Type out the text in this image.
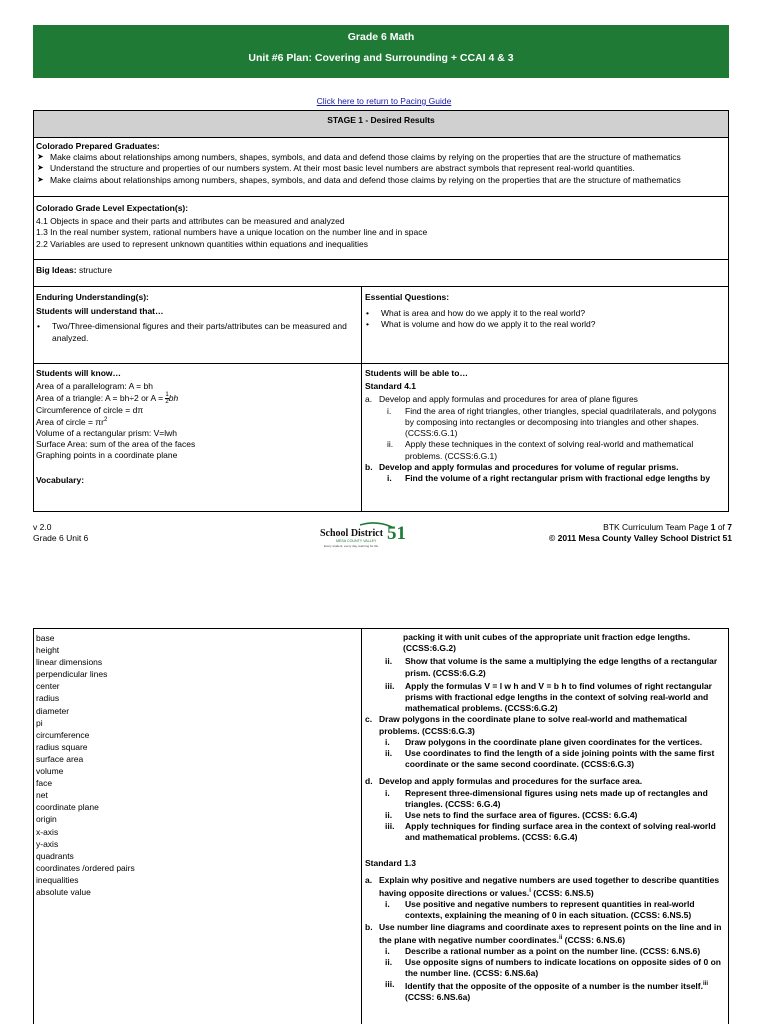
Grade 6 Math
Unit #6 Plan: Covering and Surrounding + CCAI 4 & 3
Click here to return to Pacing Guide
STAGE 1 - Desired Results
Colorado Prepared Graduates:
➤ Make claims about relationships among numbers, shapes, symbols, and data and defend those claims by relying on the properties that are the structure of mathematics
➤ Understand the structure and properties of our numbers system. At their most basic level numbers are abstract symbols that represent real-world quantities.
➤ Make claims about relationships among numbers, shapes, symbols, and data and defend those claims by relying on the properties that are the structure of mathematics
Colorado Grade Level Expectation(s):
4.1 Objects in space and their parts and attributes can be measured and analyzed
1.3 In the real number system, rational numbers have a unique location on the number line and in space
2.2 Variables are used to represent unknown quantities within equations and inequalities
Big Ideas: structure
Enduring Understanding(s):
Students will understand that…
• Two/Three-dimensional figures and their parts/attributes can be measured and analyzed.
Essential Questions:
• What is area and how do we apply it to the real world?
• What is volume and how do we apply it to the real world?
Students will know…
Area of a parallelogram: A = bh
Area of a triangle: A = bh÷2 or $A = \frac{1}{2}$ bh
Circumference of circle = dπ
Area of circle = $\pi r^2$
Volume of a rectangular prism: V=lwh
Surface Area: sum of the area of the faces
Graphing points in a coordinate plane
Vocabulary:
Students will be able to…
Standard 4.1
a. Develop and apply formulas and procedures for area of plane figures
i. Find the area of right triangles, other triangles, special quadrilaterals, and polygons by composing into rectangles or decomposing into triangles and other shapes. (CCSS:6.G.1)
ii. Apply these techniques in the context of solving real-world and mathematical problems. (CCSS:6.G.1)
b. Develop and apply formulas and procedures for volume of regular prisms.
i. Find the volume of a right rectangular prism with fractional edge lengths by
v 2.0
Grade 6 Unit 6	School District 51
MESA COUNTY VALLEY
Every student, every day, learning for life
BTK Curriculum Team Page 1 of 7
© 2011 Mesa County Valley School District 51
base
height
linear dimensions
perpendicular lines
center
radius
diameter
pi
circumference
radius square
surface area
volume
face
net
coordinate plane
origin
x-axis
y-axis
quadrants
coordinates /ordered pairs
inequalities
absolute value
packing it with unit cubes of the appropriate unit fraction edge lengths. (CCSS:6.G.2)
ii. Show that volume is the same a multiplying the edge lengths of a rectangular prism. (CCSS:6.G.2)
iii. Apply the formulas V = l w h and V = b h to find volumes of right rectangular prisms with fractional edge lengths in the context of solving real-world and mathematical problems. (CCSS:6.G.2)
c. Draw polygons in the coordinate plane to solve real-world and mathematical problems. (CCSS:6.G.3)
i. Draw polygons in the coordinate plane given coordinates for the vertices.
ii. Use coordinates to find the length of a side joining points with the same first coordinate or the same second coordinate. (CCSS:6.G.3)
d. Develop and apply formulas and procedures for the surface area.
i. Represent three-dimensional figures using nets made up of rectangles and triangles. (CCSS: 6.G.4)
ii. Use nets to find the surface area of figures. (CCSS: 6.G.4)
iii. Apply techniques for finding surface area in the context of solving real-world and mathematical problems. (CCSS: 6.G.4)
Standard 1.3
a. Explain why positive and negative numbers are used together to describe quantities having opposite directions or values.$^i$ (CCSS: 6.NS.5)
i. Use positive and negative numbers to represent quantities in real-world contexts, explaining the meaning of 0 in each situation. (CCSS: 6.NS.5)
b. Use number line diagrams and coordinate axes to represent points on the line and in the plane with negative number coordinates.$^{ii}$ (CCSS: 6.NS.6)
i. Describe a rational number as a point on the number line. (CCSS: 6.NS.6)
ii. Use opposite signs of numbers to indicate locations on opposite sides of 0 on the number line. (CCSS: 6.NS.6a)
iii. Identify that the opposite of the opposite of a number is the number itself.$^{iii}$ (CCSS: 6.NS.6a)
